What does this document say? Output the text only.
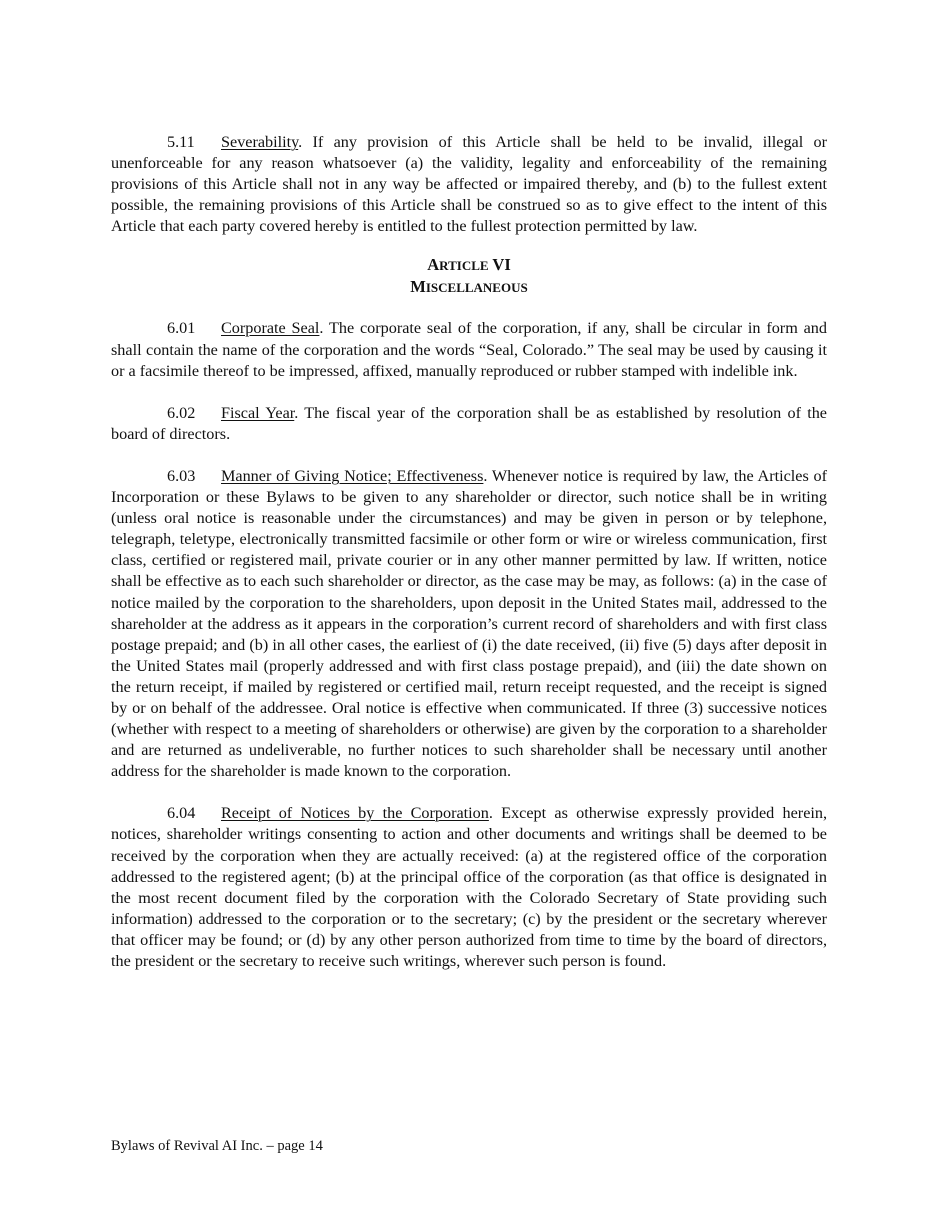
5.11 Severability. If any provision of this Article shall be held to be invalid, illegal or unenforceable for any reason whatsoever (a) the validity, legality and enforceability of the remaining provisions of this Article shall not in any way be affected or impaired thereby, and (b) to the fullest extent possible, the remaining provisions of this Article shall be construed so as to give effect to the intent of this Article that each party covered hereby is entitled to the fullest protection permitted by law.

ARTICLE VI

MISCELLANEOUS

6.01 Corporate Seal. The corporate seal of the corporation, if any, shall be circular in form and shall contain the name of the corporation and the words “Seal, Colorado.” The seal may be used by causing it or a facsimile thereof to be impressed, affixed, manually reproduced or rubber stamped with indelible ink.

6.02 Fiscal Year. The fiscal year of the corporation shall be as established by resolution of the board of directors.

6.03 Manner of Giving Notice; Effectiveness. Whenever notice is required by law, the Articles of Incorporation or these Bylaws to be given to any shareholder or director, such notice shall be in writing (unless oral notice is reasonable under the circumstances) and may be given in person or by telephone, telegraph, teletype, electronically transmitted facsimile or other form or wire or wireless communication, first class, certified or registered mail, private courier or in any other manner permitted by law. If written, notice shall be effective as to each such shareholder or director, as the case may be may, as follows: (a) in the case of notice mailed by the corporation to the shareholders, upon deposit in the United States mail, addressed to the shareholder at the address as it appears in the corporation’s current record of shareholders and with first class postage prepaid; and (b) in all other cases, the earliest of (i) the date received, (ii) five (5) days after deposit in the United States mail (properly addressed and with first class postage prepaid), and (iii) the date shown on the return receipt, if mailed by registered or certified mail, return receipt requested, and the receipt is signed by or on behalf of the addressee. Oral notice is effective when communicated. If three (3) successive notices (whether with respect to a meeting of shareholders or otherwise) are given by the corporation to a shareholder and are returned as undeliverable, no further notices to such shareholder shall be necessary until another address for the shareholder is made known to the corporation.

6.04 Receipt of Notices by the Corporation. Except as otherwise expressly provided herein, notices, shareholder writings consenting to action and other documents and writings shall be deemed to be received by the corporation when they are actually received: (a) at the registered office of the corporation addressed to the registered agent; (b) at the principal office of the corporation (as that office is designated in the most recent document filed by the corporation with the Colorado Secretary of State providing such information) addressed to the corporation or to the secretary; (c) by the president or the secretary wherever that officer may be found; or (d) by any other person authorized from time to time by the board of directors, the president or the secretary to receive such writings, wherever such person is found.

Bylaws of Revival AI Inc. – page 14
